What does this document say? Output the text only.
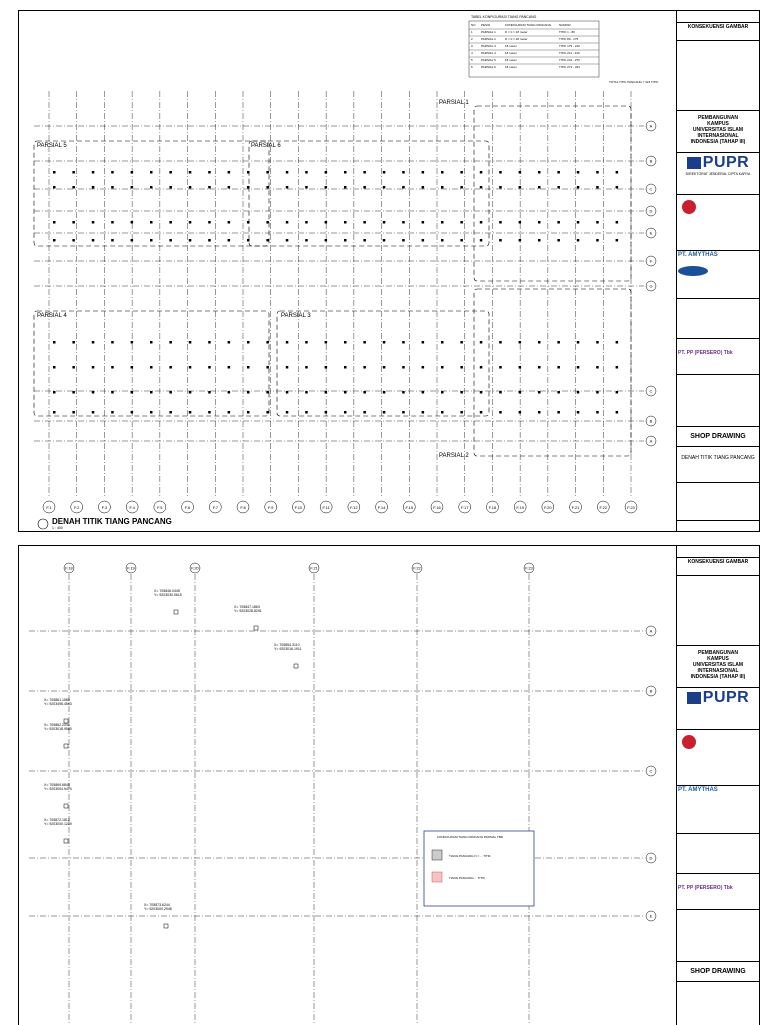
F.1	F.2	F.3	F.4	F.5	F.6	F.7	F.8	F.9	F.10	F.11	F.12	F.14	F.15	F.16	F.17	F.18	F.19	F.20	F.21	F.22	F.23
A
B
C
D
E
F
G
C
B
A
PARSIAL 1
PARSIAL 2
PARSIAL 3
PARSIAL 4
PARSIAL 5	PARSIAL 6
TABEL KONFIGURASI TIANG PANCANG
NO PESIO	KONFIGURASI TIANG PANCANG	NOMOR
1	PARSIAL 1	D = 0 = 18 meter	TITIK 1 - 80
2	PARSIAL 2	D = 0 = 18 meter	TITIK 80 - 175
3	PARSIAL 3	18 meter	TITIK 175 - 210
4	PARSIAL 4	18 meter	TITIK 211 - 240
5	PARSIAL 5	18 meter	TITIK 241 - 270
6	PARSIAL 6	18 meter	TITIK 271 - 324
TOTAL TITIK PANCANG = 324 TITIK
DENAH TITIK TIANG PANCANG
1 : 400
KONSEKUENSI GAMBAR
PEMBANGUNAN
KAMPUS
UNIVERSITAS ISLAM
INTERNASIONAL
INDONESIA (TAHAP III)
PUPR
DIREKTORAT JENDERAL CIPTA KARYA
PT. AMYTHAS
PT. PP (PERSERO) Tbk
SHOP DRAWING
DENAH TITIK TIANG PANCANG
F.18	F.19	F.20	F.21	F.22	F.23
A
B
C
D
E
X= 705846.0445
Y= 9203030.0615
X= 705847.1863
Y= 9203028.8291
X= 705854.3110
Y= 9203016.1911
X= 705861.1580
Y= 9203496.4563
X= 705862.2036
Y= 9203018.9580
X= 705869.6845
Y= 9203004.9474
X= 705872.1812
Y= 9203000.1289
X= 705873.6244
Y= 9203000.2948
KONFIGURASI TIANG PANCANG PARSIAL TBD
TIANG PANCANG N = ... TITIK
TIANG PANCANG ... TITIK
KONSEKUENSI GAMBAR
PEMBANGUNAN
KAMPUS
UNIVERSITAS ISLAM
INTERNASIONAL
INDONESIA (TAHAP III)
PUPR
PT. AMYTHAS
PT. PP (PERSERO) Tbk
SHOP DRAWING
